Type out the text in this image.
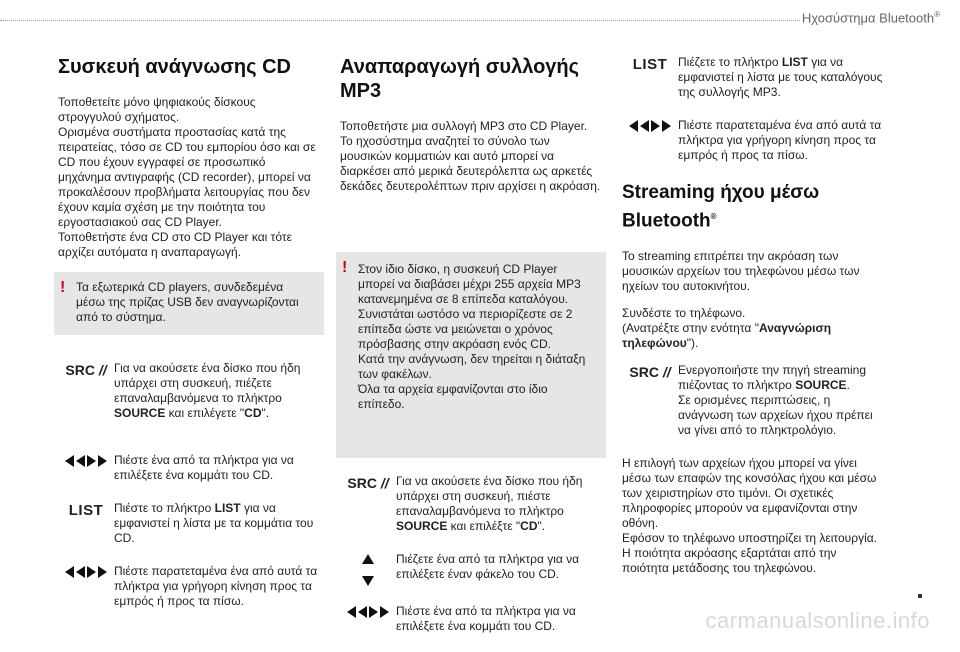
Ηχοσύστημα Bluetooth®
Συσκευή ανάγνωσης CD

Τοποθετείτε μόνο ψηφιακούς δίσκους στρογγυλού σχήματος.
Ορισμένα συστήματα προστασίας κατά της πειρατείας, τόσο σε CD του εμπορίου όσο και σε CD που έχουν εγγραφεί σε προσωπικό μηχάνημα αντιγραφής (CD recorder), μπορεί να προκαλέσουν προβλήματα λειτουργίας που δεν έχουν καμία σχέση με την ποιότητα του εργοστασιακού σας CD Player.
Τοποθετήστε ένα CD στο CD Player και τότε αρχίζει αυτόματα η αναπαραγωγή.

! Τα εξωτερικά CD players, συνδεδεμένα μέσω της πρίζας USB δεν αναγνωρίζονται από το σύστημα.
SRC
// Για να ακούσετε ένα δίσκο που ήδη υπάρχει στη συσκευή, πιέζετε επαναλαμβανόμενα το πλήκτρο SOURCE και επιλέγετε "CD".
Πιέστε ένα από τα πλήκτρα για να επιλέξετε ένα κομμάτι του CD.
LIST Πιέστε το πλήκτρο LIST για να εμφανιστεί η λίστα με τα κομμάτια του CD.
Πιέστε παρατεταμένα ένα από αυτά τα πλήκτρα για γρήγορη κίνηση προς τα εμπρός ή προς τα πίσω.
Αναπαραγωγή συλλογής MP3

Τοποθετήστε μια συλλογή MP3 στο CD Player.
Το ηχοσύστημα αναζητεί το σύνολο των μουσικών κομματιών και αυτό μπορεί να διαρκέσει από μερικά δευτερόλεπτα ως αρκετές δεκάδες δευτερολέπτων πριν αρχίσει η ακρόαση.

! Στον ίδιο δίσκο, η συσκευή CD Player μπορεί να διαβάσει μέχρι 255 αρχεία MP3 κατανεμημένα σε 8 επίπεδα καταλόγου.
Συνιστάται ωστόσο να περιορίζεστε σε 2 επίπεδα ώστε να μειώνεται ο χρόνος πρόσβασης στην ακρόαση ενός CD.
Κατά την ανάγνωση, δεν τηρείται η διάταξη των φακέλων.
Όλα τα αρχεία εμφανίζονται στο ίδιο επίπεδο.
SRC
// Για να ακούσετε ένα δίσκο που ήδη υπάρχει στη συσκευή, πιέστε επαναλαμβανόμενα το πλήκτρο SOURCE και επιλέξτε "CD".
Πιέζετε ένα από τα πλήκτρα για να επιλέξετε έναν φάκελο του CD.
Πιέστε ένα από τα πλήκτρα για να επιλέξετε ένα κομμάτι του CD.
LIST Πιέζετε το πλήκτρο LIST για να εμφανιστεί η λίστα με τους καταλόγους της συλλογής MP3.
Πιέστε παρατεταμένα ένα από αυτά τα πλήκτρα για γρήγορη κίνηση προς τα εμπρός ή προς τα πίσω.
Streaming ήχου μέσω
Bluetooth®

Το streaming επιτρέπει την ακρόαση των μουσικών αρχείων του τηλεφώνου μέσω των ηχείων του αυτοκινήτου.

Συνδέστε το τηλέφωνο.
(Ανατρέξτε στην ενότητα "Αναγνώριση τηλεφώνου").

SRC
// Ενεργοποιήστε την πηγή streaming πιέζοντας το πλήκτρο SOURCE.
Σε ορισμένες περιπτώσεις, η ανάγνωση των αρχείων ήχου πρέπει να γίνει από το πληκτρολόγιο.

Η επιλογή των αρχείων ήχου μπορεί να γίνει μέσω των επαφών της κονσόλας ήχου και μέσω των χειριστηρίων στο τιμόνι. Οι σχετικές πληροφορίες μπορούν να εμφανίζονται στην οθόνη.
Εφόσον το τηλέφωνο υποστηρίζει τη λειτουργία.
Η ποιότητα ακρόασης εξαρτάται από την ποιότητα μετάδοσης του τηλεφώνου.

carmanualsonline.info
